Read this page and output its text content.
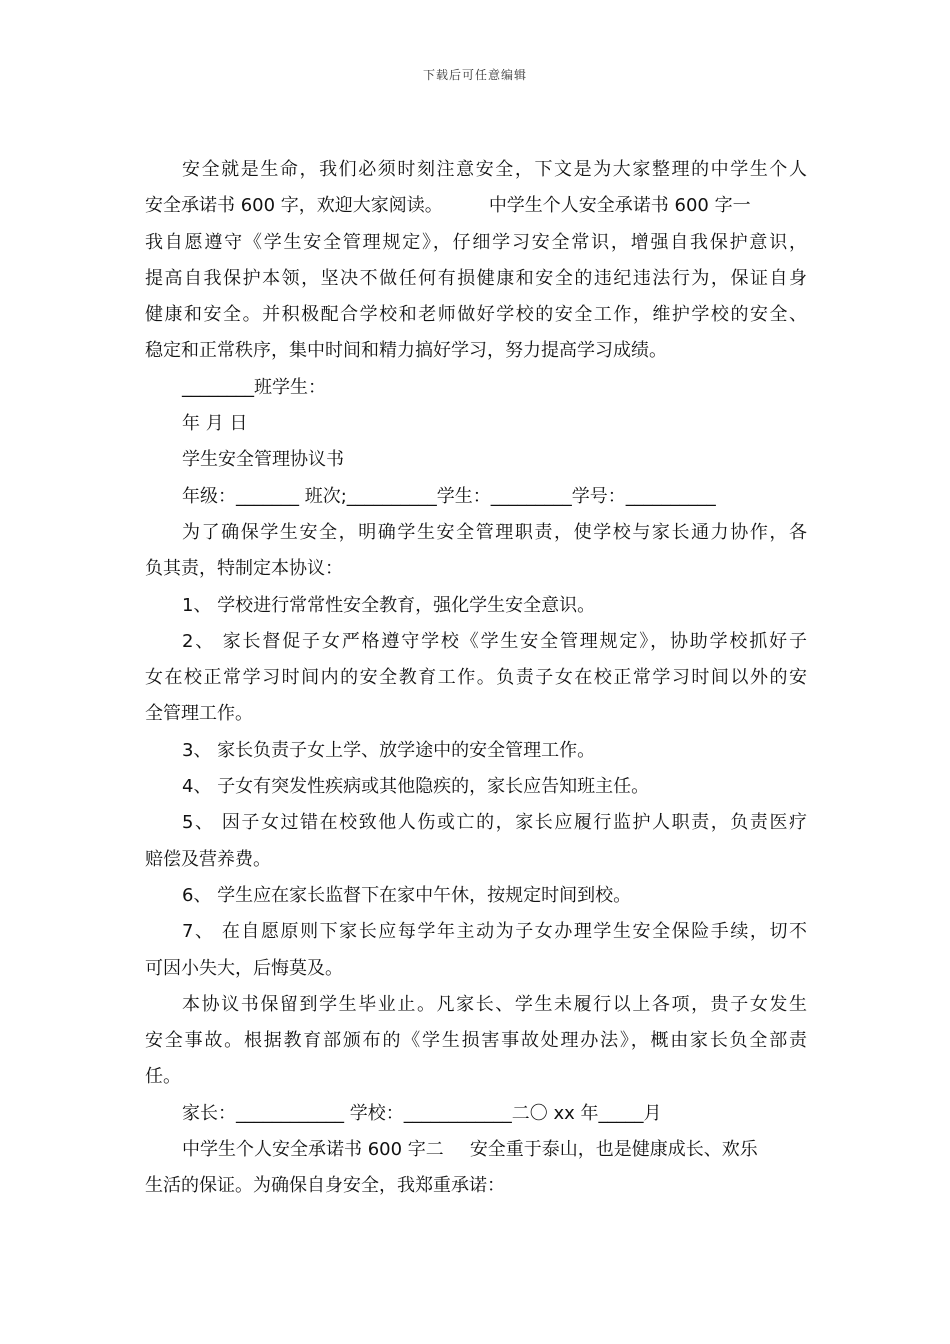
下载后可任意编辑
安全就是生命，我们必须时刻注意安全，下文是为大家整理的中学生个人
安全承诺书 600 字，欢迎大家阅读。	中学生个人安全承诺书 600 字一
我自愿遵守《学生安全管理规定》，仔细学习安全常识，增强自我保护意识，
提高自我保护本领，坚决不做任何有损健康和安全的违纪违法行为，保证自身
健康和安全。并积极配合学校和老师做好学校的安全工作，维护学校的安全、
稳定和正常秩序，集中时间和精力搞好学习，努力提高学习成绩。
________班学生：
年 月 日
学生安全管理协议书
年级：_______ 班次;__________学生：_________学号：__________
为了确保学生安全，明确学生安全管理职责，使学校与家长通力协作，各
负其责，特制定本协议：
1、 学校进行常常性安全教育，强化学生安全意识。
2、 家长督促子女严格遵守学校《学生安全管理规定》，协助学校抓好子
女在校正常学习时间内的安全教育工作。负责子女在校正常学习时间以外的安
全管理工作。
3、 家长负责子女上学、放学途中的安全管理工作。
4、 子女有突发性疾病或其他隐疾的，家长应告知班主任。
5、 因子女过错在校致他人伤或亡的，家长应履行监护人职责，负责医疗
赔偿及营养费。
6、 学生应在家长监督下在家中午休，按规定时间到校。
7、 在自愿原则下家长应每学年主动为子女办理学生安全保险手续，切不
可因小失大，后悔莫及。
本协议书保留到学生毕业止。凡家长、学生未履行以上各项，贵子女发生
安全事故。根据教育部颁布的《学生损害事故处理办法》，概由家长负全部责
任。
家长：____________ 学校：____________二〇 xx 年_____月
中学生个人安全承诺书 600 字二 安全重于泰山，也是健康成长、欢乐
生活的保证。为确保自身安全，我郑重承诺：
